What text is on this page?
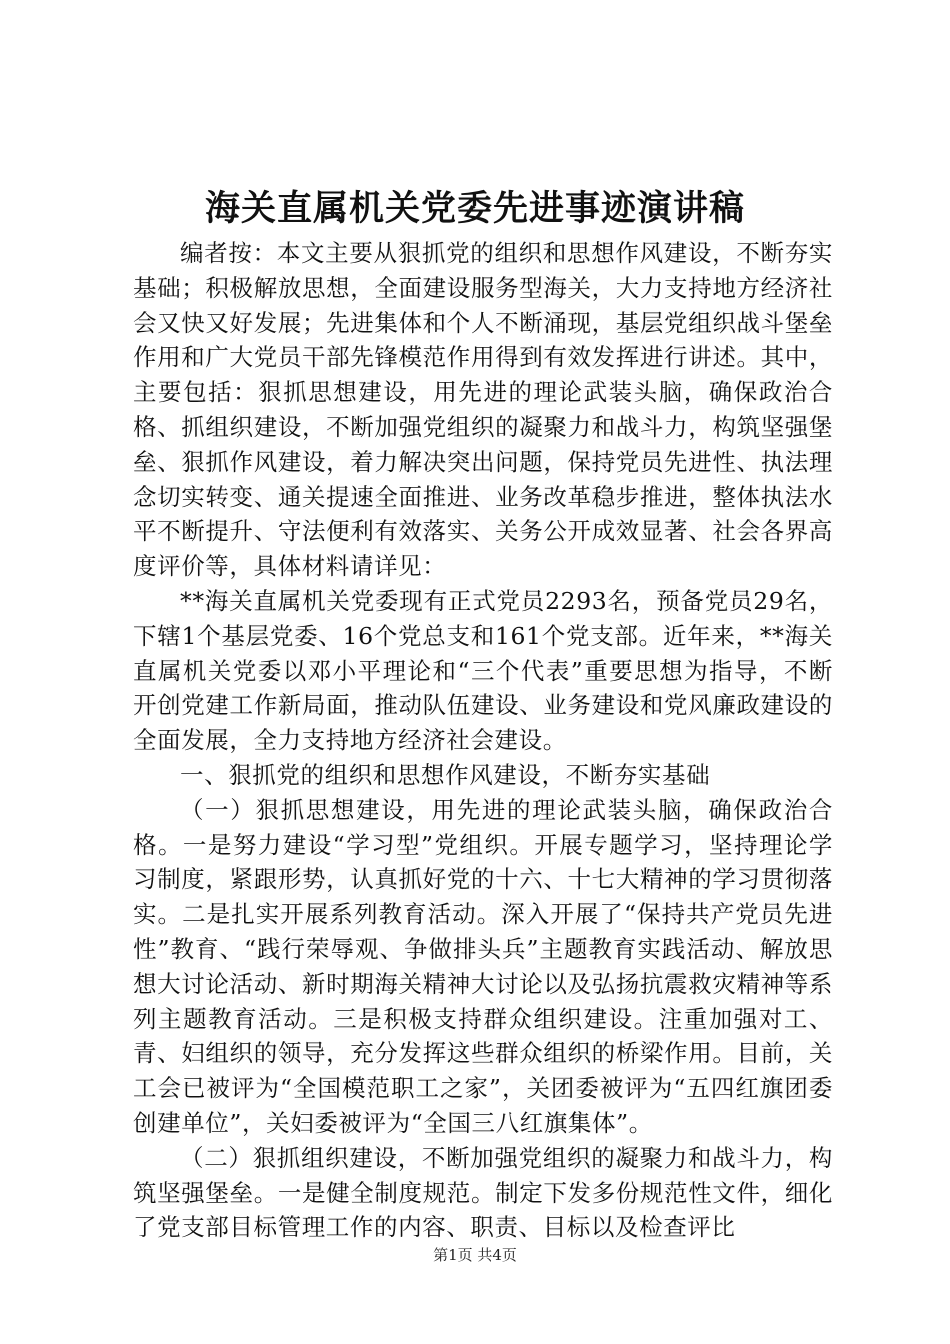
海关直属机关党委先进事迹演讲稿

编者按：本文主要从狠抓党的组织和思想作风建设，不断夯实基础；积极解放思想，全面建设服务型海关，大力支持地方经济社会又快又好发展；先进集体和个人不断涌现，基层党组织战斗堡垒作用和广大党员干部先锋模范作用得到有效发挥进行讲述。其中，主要包括：狠抓思想建设，用先进的理论武装头脑，确保政治合格、抓组织建设，不断加强党组织的凝聚力和战斗力，构筑坚强堡垒、狠抓作风建设，着力解决突出问题，保持党员先进性、执法理念切实转变、通关提速全面推进、业务改革稳步推进，整体执法水平不断提升、守法便利有效落实、关务公开成效显著、社会各界高度评价等，具体材料请详见：

**海关直属机关党委现有正式党员2293名，预备党员29名，下辖1个基层党委、16个党总支和161个党支部。近年来，**海关直属机关党委以邓小平理论和“三个代表”重要思想为指导，不断开创党建工作新局面，推动队伍建设、业务建设和党风廉政建设的全面发展，全力支持地方经济社会建设。

一、狠抓党的组织和思想作风建设，不断夯实基础

（一）狠抓思想建设，用先进的理论武装头脑，确保政治合格。一是努力建设“学习型”党组织。开展专题学习，坚持理论学习制度，紧跟形势，认真抓好党的十六、十七大精神的学习贯彻落实。二是扎实开展系列教育活动。深入开展了“保持共产党员先进性”教育、“践行荣辱观、争做排头兵”主题教育实践活动、解放思想大讨论活动、新时期海关精神大讨论以及弘扬抗震救灾精神等系列主题教育活动。三是积极支持群众组织建设。注重加强对工、青、妇组织的领导，充分发挥这些群众组织的桥梁作用。目前，关工会已被评为“全国模范职工之家”，关团委被评为“五四红旗团委创建单位”，关妇委被评为“全国三八红旗集体”。

（二）狠抓组织建设，不断加强党组织的凝聚力和战斗力，构筑坚强堡垒。一是健全制度规范。制定下发多份规范性文件，细化了党支部目标管理工作的内容、职责、目标以及检查评比

第1页 共4页
